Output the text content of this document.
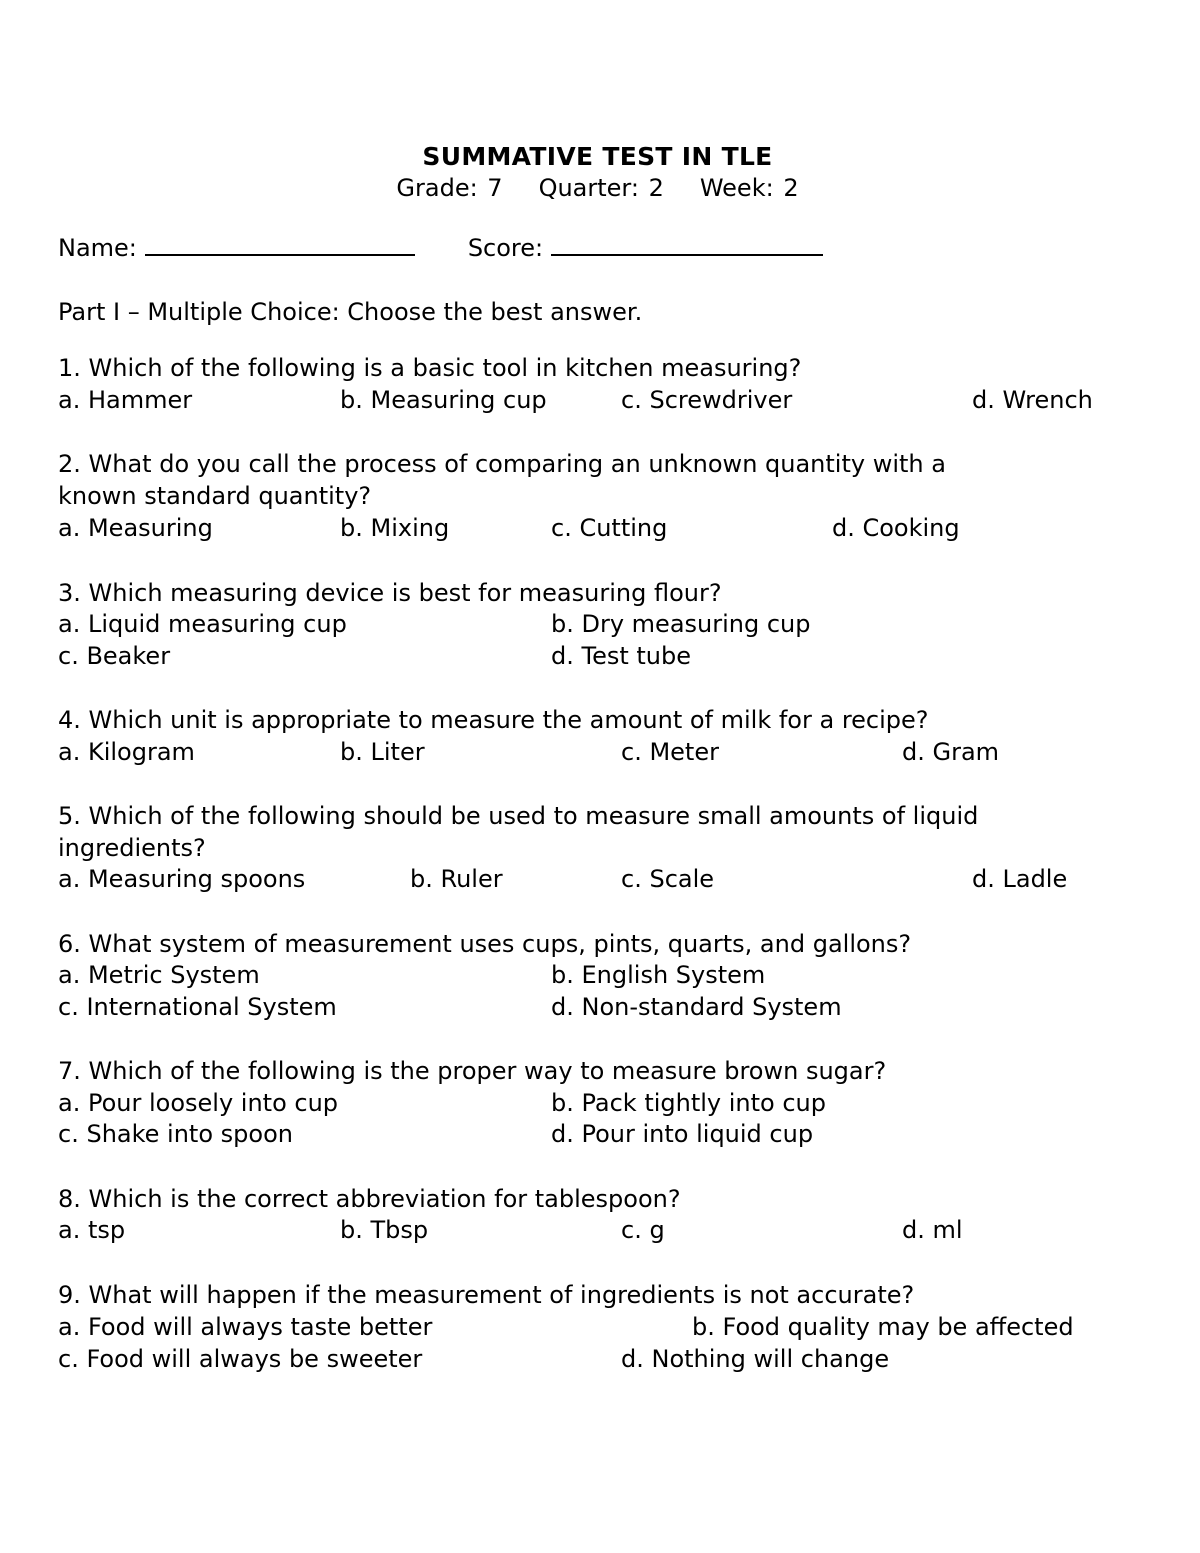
SUMMATIVE TEST IN TLE
Grade: 7 Quarter: 2 Week: 2
Name:	Score:
Part I – Multiple Choice: Choose the best answer.
1. Which of the following is a basic tool in kitchen measuring?
a. Hammer	b. Measuring cup	c. Screwdriver	d. Wrench
2. What do you call the process of comparing an unknown quantity with a
known standard quantity?
a. Measuring	b. Mixing	c. Cutting	d. Cooking
3. Which measuring device is best for measuring flour?
a. Liquid measuring cup	b. Dry measuring cup
c. Beaker	d. Test tube
4. Which unit is appropriate to measure the amount of milk for a recipe?
a. Kilogram	b. Liter	c. Meter	d. Gram
5. Which of the following should be used to measure small amounts of liquid
ingredients?
a. Measuring spoons	b. Ruler	c. Scale	d. Ladle
6. What system of measurement uses cups, pints, quarts, and gallons?
a. Metric System	b. English System
c. International System	d. Non-standard System
7. Which of the following is the proper way to measure brown sugar?
a. Pour loosely into cup	b. Pack tightly into cup
c. Shake into spoon	d. Pour into liquid cup
8. Which is the correct abbreviation for tablespoon?
a. tsp	b. Tbsp	c. g	d. ml
9. What will happen if the measurement of ingredients is not accurate?
a. Food will always taste better	b. Food quality may be affected
c. Food will always be sweeter	d. Nothing will change
